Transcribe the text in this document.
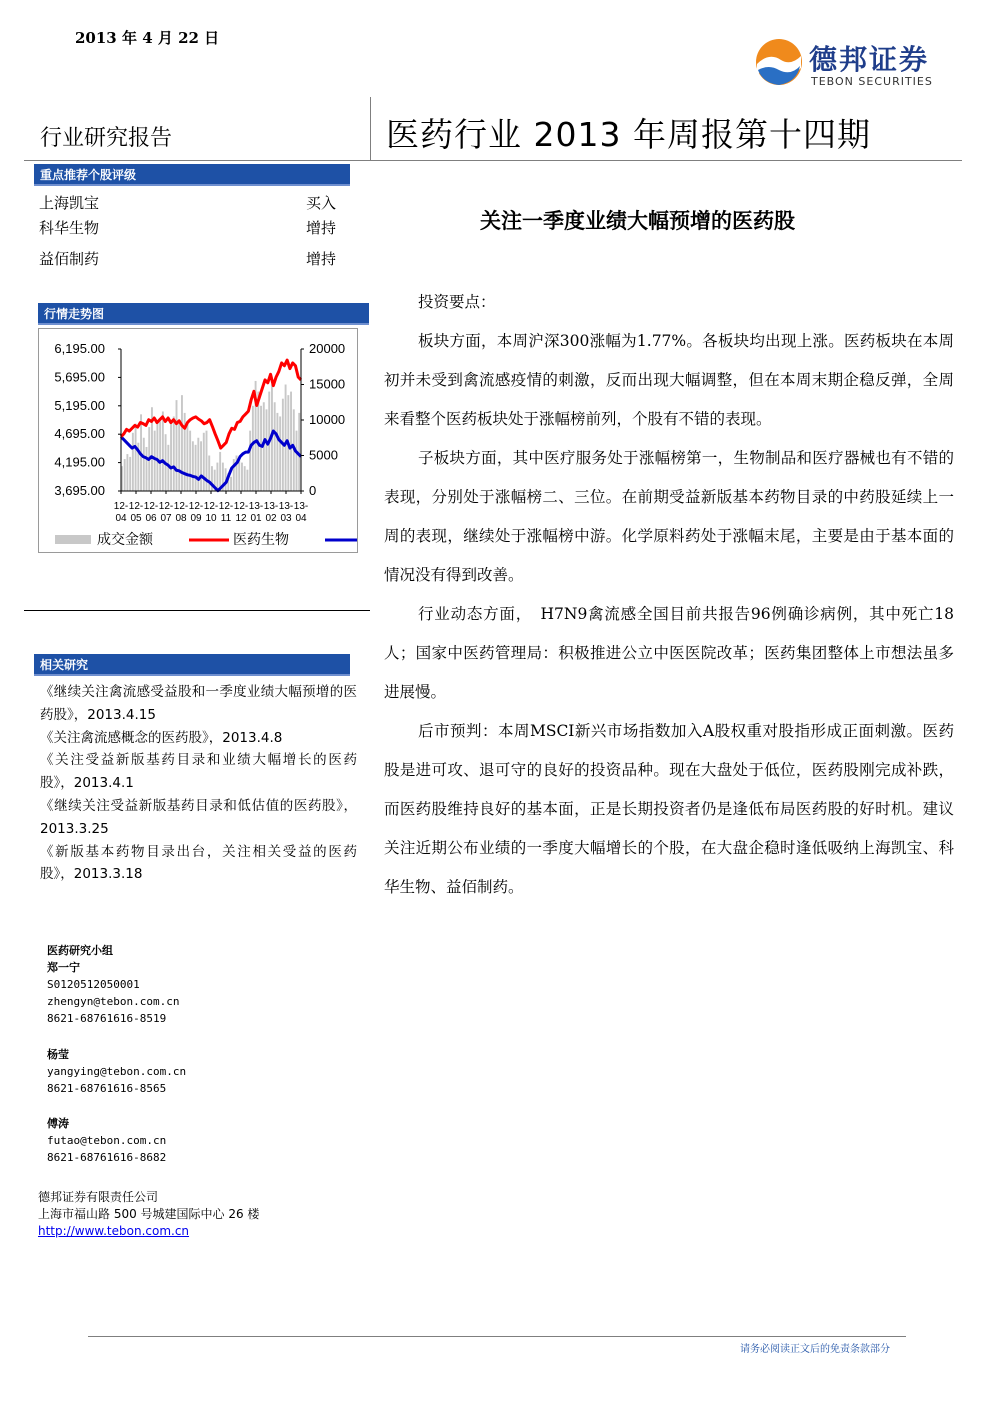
2013 年 4 月 22 日
德邦证券
TEBON SECURITIES
行业研究报告	医药行业 2013 年周报第十四期
重点推荐个股评级
上海凯宝	买入
科华生物	增持
益佰制药	增持
行情走势图
6,195.00
5,695.00
5,195.00
4,695.00
4,195.00
3,695.00
20000
15000
10000
5000
0
12-
04
12-
05
12-
06
12-
07
12-
08
12-
09
12-
10
12-
11
12-
12
13-
01
13-
02
13-
03
13-
04
成交金额	医药生物
相关研究

《继续关注禽流感受益股和一季度业绩大幅预增的医药股》，2013.4.15

《关注禽流感概念的医药股》，2013.4.8

《关注受益新版基药目录和业绩大幅增长的医药股》，2013.4.1

《继续关注受益新版基药目录和低估值的医药股》，2013.3.25

《新版基本药物目录出台，关注相关受益的医药股》，2013.3.18

医药研究小组
郑一宁
S0120512050001
zhengyn@tebon.com.cn
8621-68761616-8519
杨莹
yangying@tebon.com.cn
8621-68761616-8565
傅涛
futao@tebon.com.cn
8621-68761616-8682
德邦证券有限责任公司
上海市福山路 500 号城建国际中心 26 楼
http://www.tebon.com.cn
关注一季度业绩大幅预增的医药股

投资要点：

板块方面，本周沪深300涨幅为1.77%。各板块均出现上涨。医药板块在本周初并未受到禽流感疫情的刺激，反而出现大幅调整，但在本周末期企稳反弹，全周来看整个医药板块处于涨幅榜前列，个股有不错的表现。

子板块方面，其中医疗服务处于涨幅榜第一，生物制品和医疗器械也有不错的表现，分别处于涨幅榜二、三位。在前期受益新版基本药物目录的中药股延续上一周的表现，继续处于涨幅榜中游。化学原料药处于涨幅末尾，主要是由于基本面的情况没有得到改善。

行业动态方面，　H7N9禽流感全国目前共报告96例确诊病例，其中死亡18人；国家中医药管理局：积极推进公立中医医院改革；医药集团整体上市想法虽多进展慢。

后市预判：本周MSCI新兴市场指数加入A股权重对股指形成正面刺激。医药股是进可攻、退可守的良好的投资品种。现在大盘处于低位，医药股刚完成补跌，而医药股维持良好的基本面，正是长期投资者仍是逢低布局医药股的好时机。建议关注近期公布业绩的一季度大幅增长的个股，在大盘企稳时逢低吸纳上海凯宝、科华生物、益佰制药。

请务必阅读正文后的免责条款部分
